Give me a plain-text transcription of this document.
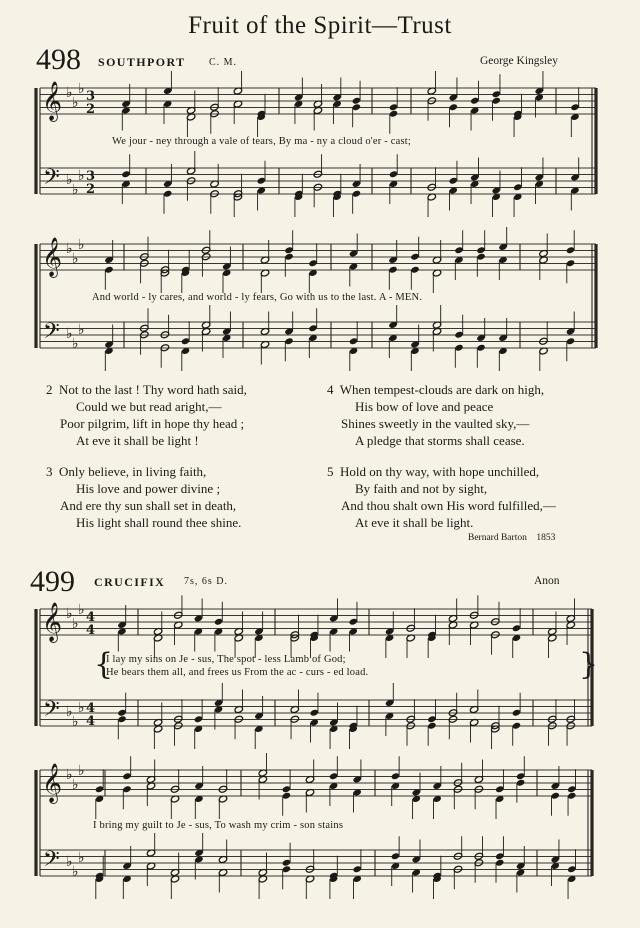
Fruit of the Spirit—Trust
498 SOUTHPORT C. M.	George Kingsley
𝄞
𝄢
♭
♭
♭
♭
♭
♭
3
2
3
2
We jour - ney through a vale of tears, By ma - ny a cloud o'er - cast;
𝄞
𝄢
♭
♭
♭
♭
♭
♭
And world - ly cares, and world - ly fears, Go with us to the last. A - MEN.
2 Not to the last ! Thy word hath said,
Could we but read aright,—
Poor pilgrim, lift in hope thy head ;
At eve it shall be light !
3 Only believe, in living faith,
His love and power divine ;
And ere thy sun shall set in death,
His light shall round thee shine.
4 When tempest-clouds are dark on high,
His bow of love and peace
Shines sweetly in the vaulted sky,—
A pledge that storms shall cease.
5 Hold on thy way, with hope unchilled,
By faith and not by sight,
And thou shalt own His word fulfilled,—
At eve it shall be light.
Bernard Barton 1853
499 CRUCIFIX 7s, 6s D.	Anon
𝄞
𝄢
♭
♭
♭
♭
♭
♭
4
4
4
4
{
I lay my sins on Je - sus, The spot - less Lamb of God;
He bears them all, and frees us From the ac - curs - ed load.	}
𝄞
𝄢
♭
♭
♭
♭
♭
♭
I bring my guilt to Je - sus, To wash my crim - son stains
